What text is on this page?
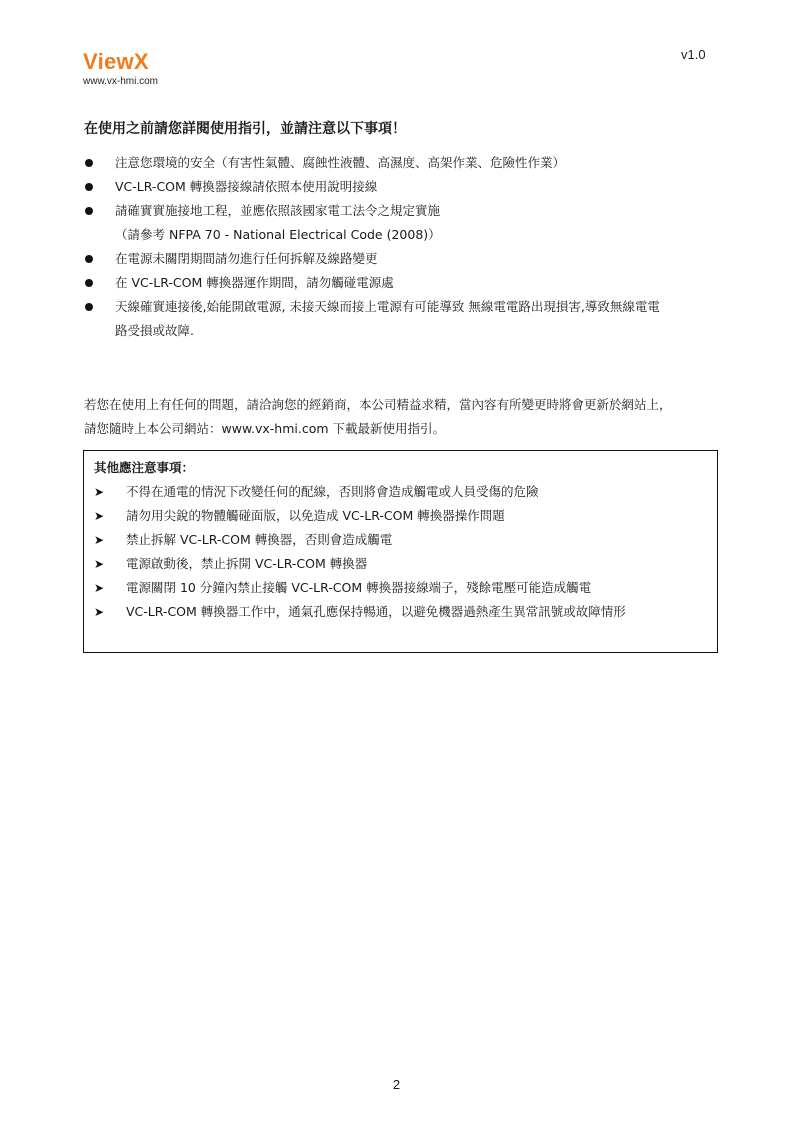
ViewX
www.vx-hmi.com
v1.0
在使用之前請您詳閱使用指引，並請注意以下事項！
注意您環境的安全（有害性氣體、腐蝕性液體、高濕度、高架作業、危險性作業）
VC-LR-COM 轉換器接線請依照本使用說明接線
請確實實施接地工程，並應依照該國家電工法令之規定實施
（請參考 NFPA 70 - National Electrical Code (2008)）
在電源未關閉期間請勿進行任何拆解及線路變更
在 VC-LR-COM 轉換器運作期間，請勿觸碰電源處
天線確實連接後,始能開啟電源, 未接天線而接上電源有可能導致 無線電電路出現損害,導致無線電電
路受損或故障.
若您在使用上有任何的問題，請洽詢您的經銷商，本公司精益求精，當內容有所變更時將會更新於網站上，
請您隨時上本公司網站：www.vx-hmi.com 下載最新使用指引。
其他應注意事項：
➤ 不得在通電的情況下改變任何的配線，否則將會造成觸電或人員受傷的危險
➤ 請勿用尖銳的物體觸碰面版，以免造成 VC-LR-COM 轉換器操作問題
➤ 禁止拆解 VC-LR-COM 轉換器，否則會造成觸電
➤ 電源啟動後，禁止拆開 VC-LR-COM 轉換器
➤ 電源關閉 10 分鐘內禁止接觸 VC-LR-COM 轉換器接線端子，殘餘電壓可能造成觸電
➤ VC-LR-COM 轉換器工作中，通氣孔應保持暢通，以避免機器過熱產生異常訊號或故障情形
2
